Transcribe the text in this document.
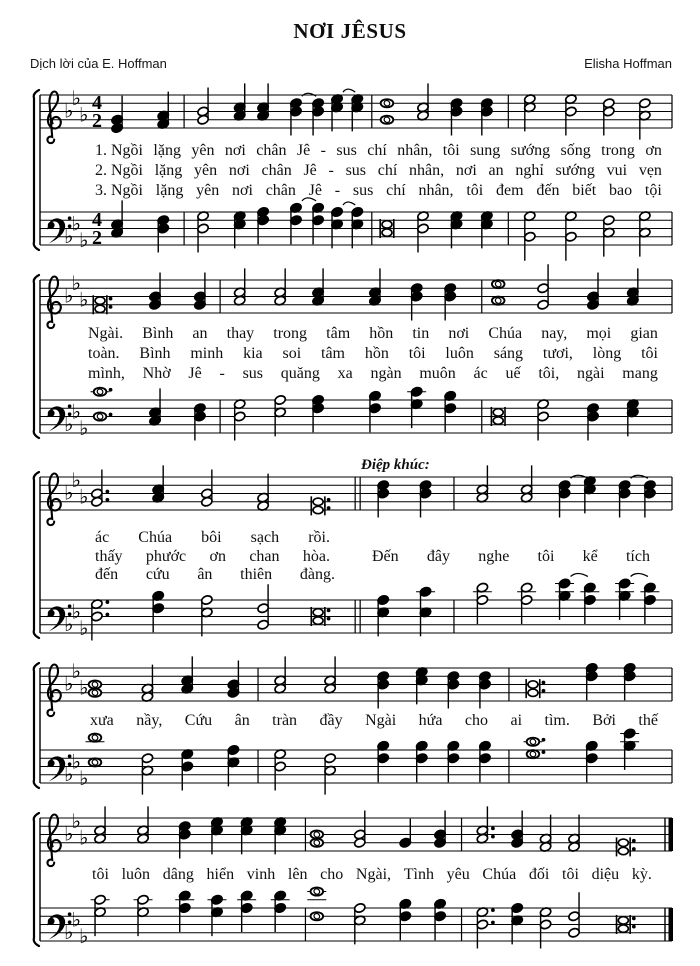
NƠI JÊSUS
Dịch lời của E. Hoffman	Elisha Hoffman
♭
♭
♭ 4
2
♭
♭
♭
4
2
♭
♭
♭
♭
♭
♭
♭
♭
♭
♭
♭
♭
♭
♭
♭
♭
♭
♭
♭
♭
♭
♭
♭
♭
Điệp khúc:
1. Ngồi lặng yên nơi chân Jê - sus chí nhân, tôi sung sướng sống trong ơn
2. Ngồi lặng yên nơi chân Jê - sus chí nhân, nơi an nghỉ sướng vui vẹn
3. Ngồi lặng yên nơi chân Jê - sus chí nhân, tôi đem đến biết bao tội
Ngài. Bình an thay trong tâm hồn tin nơi Chúa nay, mọi gian
toàn. Bình minh kia soi tâm hồn tôi luôn sáng tươi, lòng tôi
mình, Nhờ Jê - sus quăng xa ngàn muôn ác uế tôi, ngài mang
ác Chúa bôi sạch rồi.
thấy phước ơn chan hòa.	Đến đây nghe tôi kể tích
đến cứu ân thiên đàng.
xưa nầy, Cứu ân tràn đầy Ngài hứa cho ai tìm. Bởi thế
tôi luôn dâng hiển vinh lên cho Ngài, Tình yêu Chúa đối tôi diệu kỳ.
